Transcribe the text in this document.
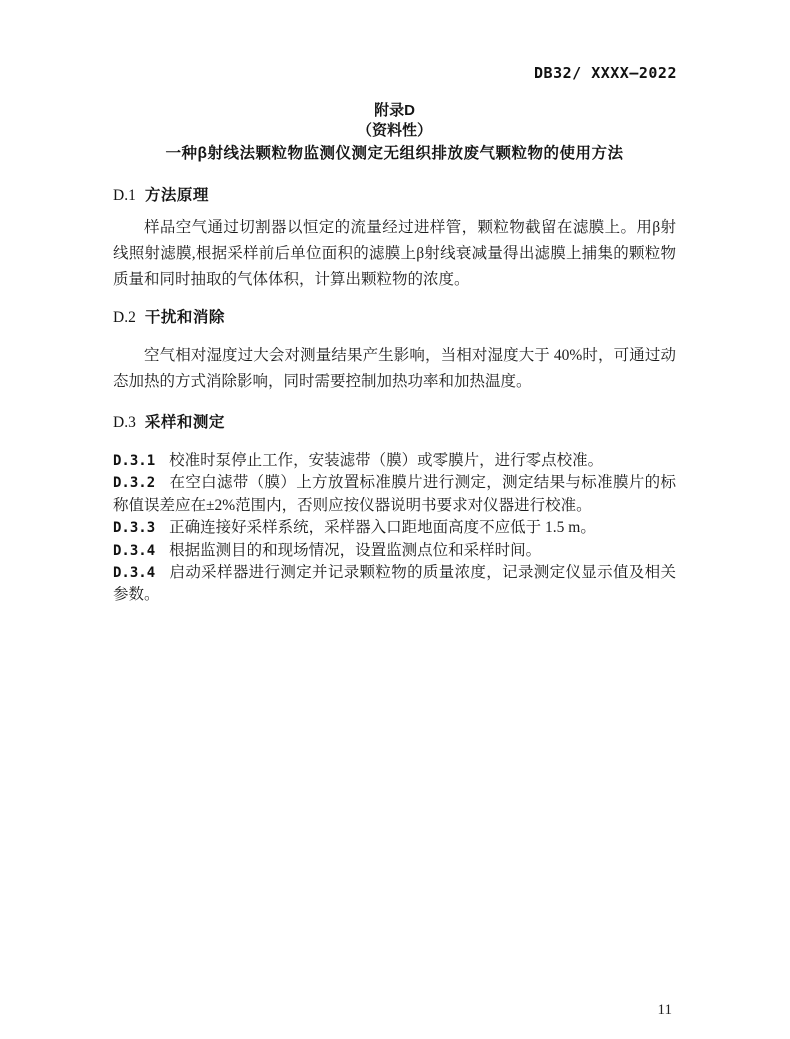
DB32/ XXXX—2022
附录D
（资料性）
一种β射线法颗粒物监测仪测定无组织排放废气颗粒物的使用方法
D.1 方法原理
样品空气通过切割器以恒定的流量经过进样管，颗粒物截留在滤膜上。用β射线照射滤膜,根据采样前后单位面积的滤膜上β射线衰减量得出滤膜上捕集的颗粒物质量和同时抽取的气体体积，计算出颗粒物的浓度。
D.2 干扰和消除
空气相对湿度过大会对测量结果产生影响，当相对湿度大于 40%时，可通过动态加热的方式消除影响，同时需要控制加热功率和加热温度。
D.3 采样和测定

D.3.1 校准时泵停止工作，安装滤带（膜）或零膜片，进行零点校准。

D.3.2 在空白滤带（膜）上方放置标准膜片进行测定，测定结果与标准膜片的标称值误差应在±2%范围内，否则应按仪器说明书要求对仪器进行校准。

D.3.3 正确连接好采样系统，采样器入口距地面高度不应低于 1.5 m。

D.3.4 根据监测目的和现场情况，设置监测点位和采样时间。

D.3.4 启动采样器进行测定并记录颗粒物的质量浓度，记录测定仪显示值及相关参数。

11
